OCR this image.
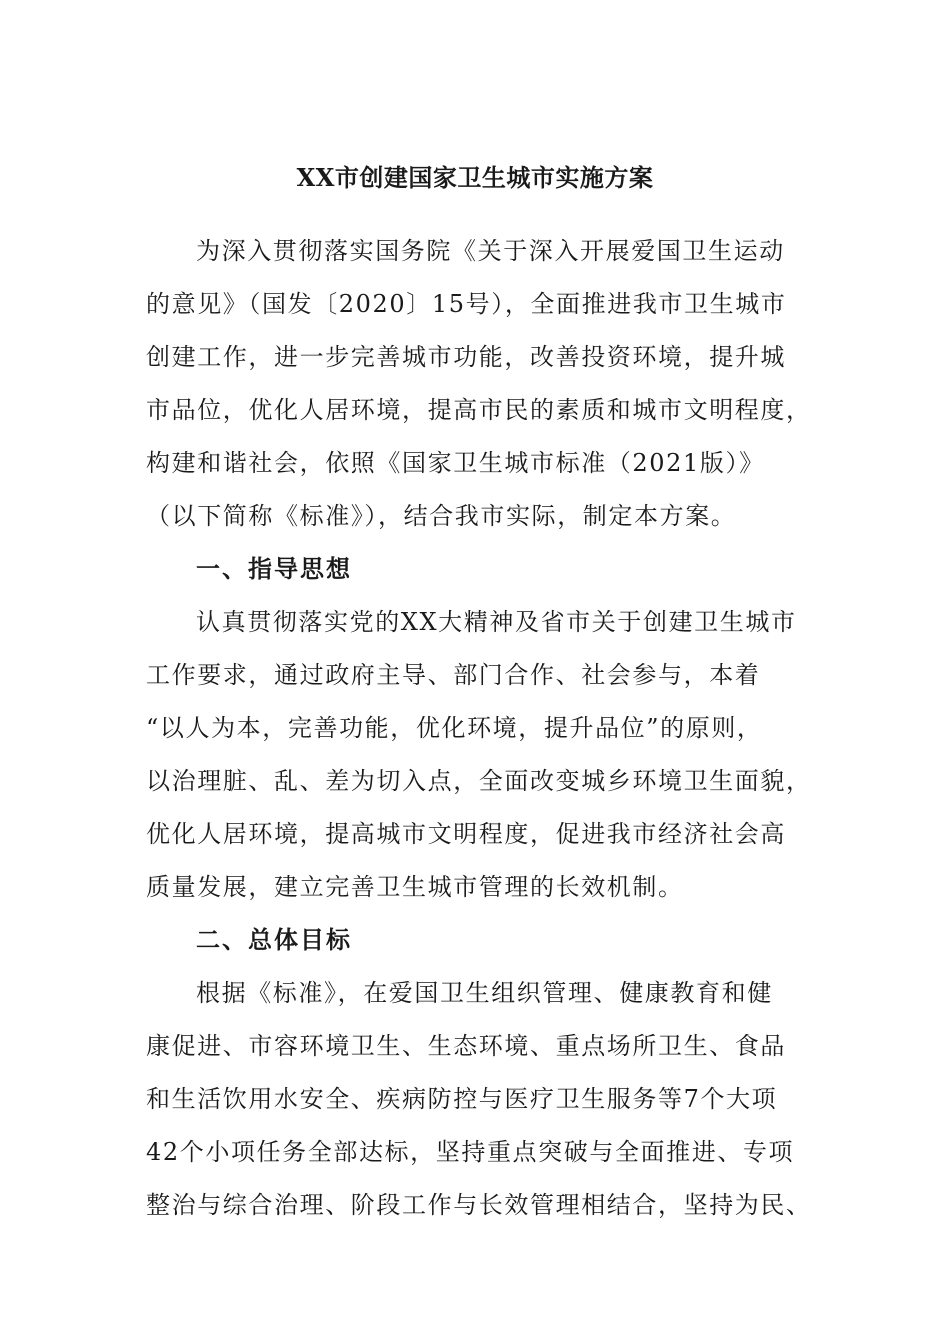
XX市创建国家卫生城市实施方案
为深入贯彻落实国务院《关于深入开展爱国卫生运动
的意见》（国发〔2020〕15号），全面推进我市卫生城市
创建工作，进一步完善城市功能，改善投资环境，提升城
市品位，优化人居环境，提高市民的素质和城市文明程度，
构建和谐社会，依照《国家卫生城市标准（2021版）》
（以下简称《标准》），结合我市实际，制定本方案。
一、指导思想
认真贯彻落实党的XX大精神及省市关于创建卫生城市
工作要求，通过政府主导、部门合作、社会参与，本着
“以人为本，完善功能，优化环境，提升品位”的原则，
以治理脏、乱、差为切入点，全面改变城乡环境卫生面貌，
优化人居环境，提高城市文明程度，促进我市经济社会高
质量发展，建立完善卫生城市管理的长效机制。
二、总体目标
根据《标准》，在爱国卫生组织管理、健康教育和健
康促进、市容环境卫生、生态环境、重点场所卫生、食品
和生活饮用水安全、疾病防控与医疗卫生服务等7个大项
42个小项任务全部达标，坚持重点突破与全面推进、专项
整治与综合治理、阶段工作与长效管理相结合，坚持为民、
